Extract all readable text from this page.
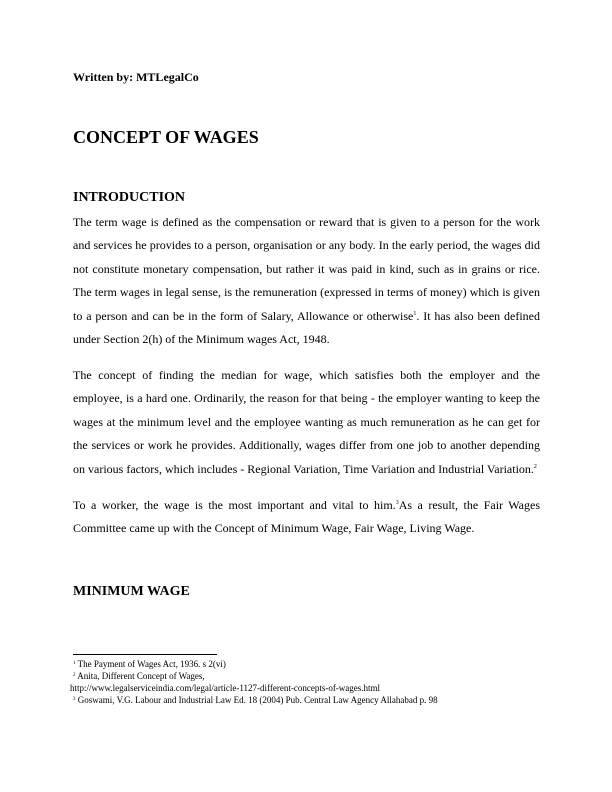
Written by: MTLegalCo
CONCEPT OF WAGES
INTRODUCTION
The term wage is defined as the compensation or reward that is given to a person for the work
and services he provides to a person, organisation or any body. In the early period, the wages did
not constitute monetary compensation, but rather it was paid in kind, such as in grains or rice.
The term wages in legal sense, is the remuneration (expressed in terms of money) which is given
to a person and can be in the form of Salary, Allowance or otherwise$^1$. It has also been defined
under Section 2(h) of the Minimum wages Act, 1948.
The concept of finding the median for wage, which satisfies both the employer and the
employee, is a hard one. Ordinarily, the reason for that being - the employer wanting to keep the
wages at the minimum level and the employee wanting as much remuneration as he can get for
the services or work he provides. Additionally, wages differ from one job to another depending
on various factors, which includes - Regional Variation, Time Variation and Industrial Variation.$^2$
To a worker, the wage is the most important and vital to him.$^3$As a result, the Fair Wages
Committee came up with the Concept of Minimum Wage, Fair Wage, Living Wage.
MINIMUM WAGE
$^1$ The Payment of Wages Act, 1936. s 2(vi)
$^2$ Anita, Different Concept of Wages,
http://www.legalserviceindia.com/legal/article-1127-different-concepts-of-wages.html
$^3$ Goswami, V.G. Labour and Industrial Law Ed. 18 (2004) Pub. Central Law Agency Allahabad p. 98
